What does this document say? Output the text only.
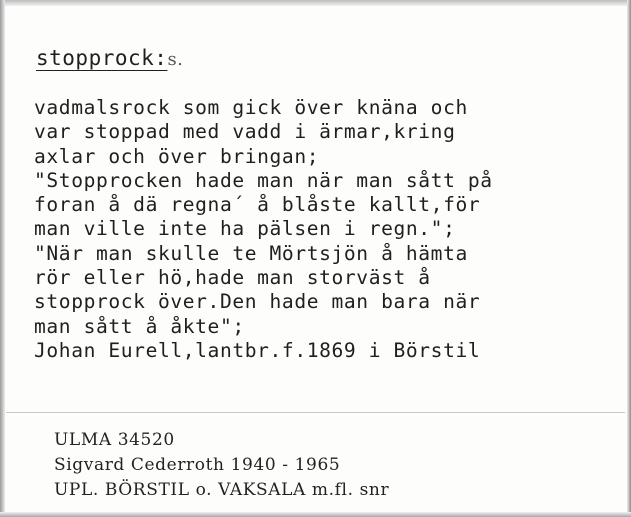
stopprock:s.
vadmalsrock som gick över knäna och
var stoppad med vadd i ärmar,kring
axlar och över bringan;
"Stopprocken hade man när man sått på
foran å dä regna´ å blåste kallt,för
man ville inte ha pälsen i regn.";
"När man skulle te Mörtsjön å hämta
rör eller hö,hade man storväst å
stopprock över.Den hade man bara när
man sått å åkte";
Johan Eurell,lantbr.f.1869 i Börstil
ULMA 34520
Sigvard Cederroth 1940 - 1965
UPL. BÖRSTIL o. VAKSALA m.fl. snr
